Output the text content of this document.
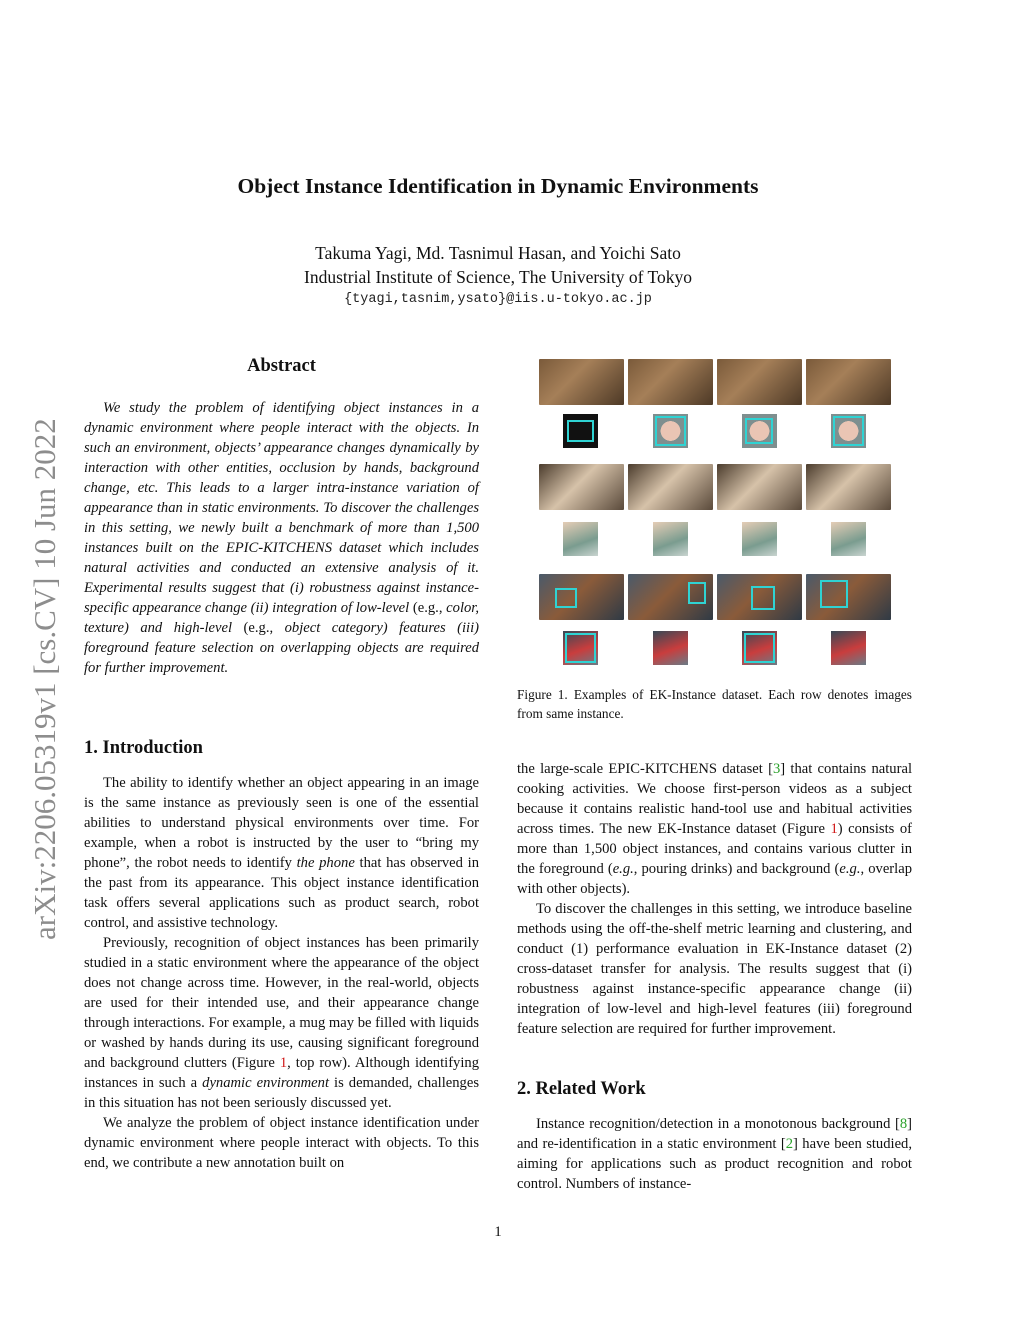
Object Instance Identification in Dynamic Environments
Takuma Yagi, Md. Tasnimul Hasan, and Yoichi Sato
Industrial Institute of Science, The University of Tokyo
{tyagi,tasnim,ysato}@iis.u-tokyo.ac.jp
arXiv:2206.05319v1 [cs.CV] 10 Jun 2022
Abstract

We study the problem of identifying object instances in a dynamic environment where people interact with the objects. In such an environment, objects’ appearance changes dynamically by interaction with other entities, occlusion by hands, background change, etc. This leads to a larger intra-instance variation of appearance than in static environments. To discover the challenges in this setting, we newly built a benchmark of more than 1,500 instances built on the EPIC-KITCHENS dataset which includes natural activities and conducted an extensive analysis of it. Experimental results suggest that (i) robustness against instance-specific appearance change (ii) integration of low-level (e.g., color, texture) and high-level (e.g., object category) features (iii) foreground feature selection on overlapping objects are required for further improvement.

1. Introduction

The ability to identify whether an object appearing in an image is the same instance as previously seen is one of the essential abilities to understand physical environments over time. For example, when a robot is instructed by the user to “bring my phone”, the robot needs to identify the phone that has observed in the past from its appearance. This object instance identification task offers several applications such as product search, robot control, and assistive technology.

Previously, recognition of object instances has been primarily studied in a static environment where the appearance of the object does not change across time. However, in the real-world, objects are used for their intended use, and their appearance change through interactions. For example, a mug may be filled with liquids or washed by hands during its use, causing significant foreground and background clutters (Figure 1, top row). Although identifying instances in such a dynamic environment is demanded, challenges in this situation has not been seriously discussed yet.

We analyze the problem of object instance identification under dynamic environment where people interact with objects. To this end, we contribute a new annotation built on

Figure 1. Examples of EK-Instance dataset. Each row denotes images from same instance.

the large-scale EPIC-KITCHENS dataset [3] that contains natural cooking activities. We choose first-person videos as a subject because it contains realistic hand-tool use and habitual activities across times. The new EK-Instance dataset (Figure 1) consists of more than 1,500 object instances, and contains various clutter in the foreground (e.g., pouring drinks) and background (e.g., overlap with other objects).

To discover the challenges in this setting, we introduce baseline methods using the off-the-shelf metric learning and clustering, and conduct (1) performance evaluation in EK-Instance dataset (2) cross-dataset transfer for analysis. The results suggest that (i) robustness against instance-specific appearance change (ii) integration of low-level and high-level features (iii) foreground feature selection are required for further improvement.

2. Related Work

Instance recognition/detection in a monotonous background [8] and re-identification in a static environment [2] have been studied, aiming for applications such as product recognition and robot control. Numbers of instance-

1
